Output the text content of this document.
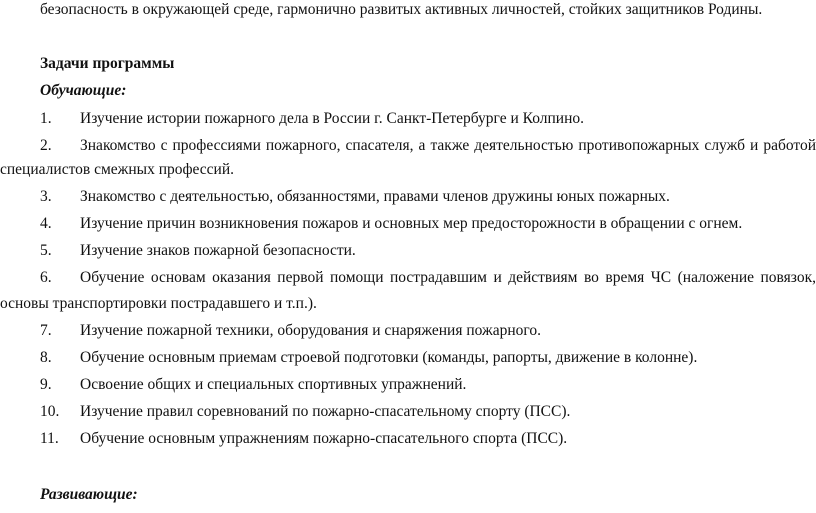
безопасность в окружающей среде, гармонично развитых активных личностей, стойких защитников Родины.
Задачи программы
Обучающие:
1. Изучение истории пожарного дела в России г. Санкт-Петербурге и Колпино.
2. Знакомство с профессиями пожарного, спасателя, а также деятельностью противопожарных служб и работой
специалистов смежных профессий.
3. Знакомство с деятельностью, обязанностями, правами членов дружины юных пожарных.
4. Изучение причин возникновения пожаров и основных мер предосторожности в обращении с огнем.
5. Изучение знаков пожарной безопасности.
6. Обучение основам оказания первой помощи пострадавшим и действиям во время ЧС (наложение повязок,
основы транспортировки пострадавшего и т.п.).
7. Изучение пожарной техники, оборудования и снаряжения пожарного.
8. Обучение основным приемам строевой подготовки (команды, рапорты, движение в колонне).
9. Освоение общих и специальных спортивных упражнений.
10. Изучение правил соревнований по пожарно-спасательному спорту (ПСС).
11. Обучение основным упражнениям пожарно-спасательного спорта (ПСС).
Развивающие:
